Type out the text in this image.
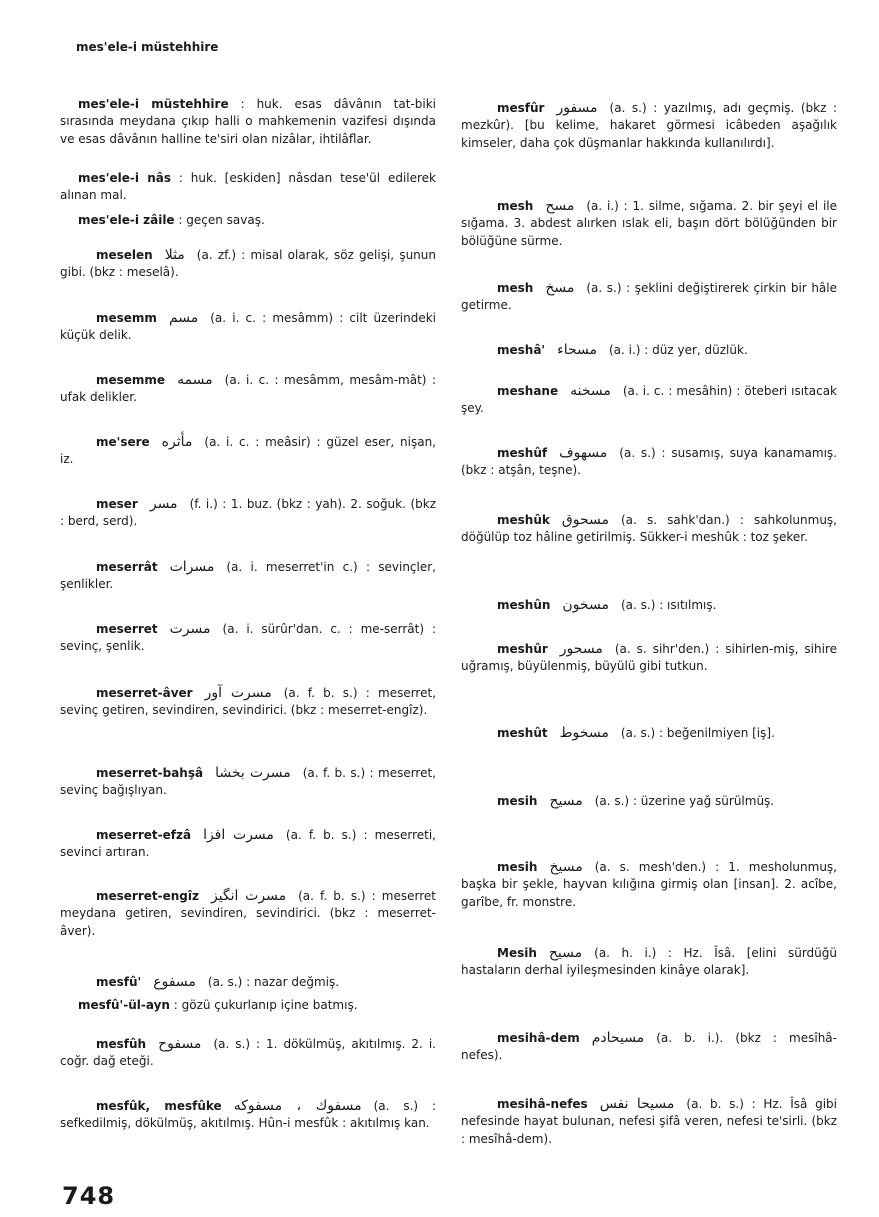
mes'ele-i müstehhire
mes'ele-i müstehhire : huk. esas dâvânın tat-biki sırasında meydana çıkıp halli o mahkemenin vazifesi dışında ve esas dâvânın halline te'siri olan nizâlar, ihtilâflar.
mes'ele-i nâs : huk. [eskiden] nâsdan tese'ül edilerek alınan mal.
mes'ele-i zâile : geçen savaş.
meselen مثلا (a. zf.) : misal olarak, söz gelişi, şunun gibi. (bkz : meselâ).
mesemm مسم (a. i. c. : mesâmm) : cilt üzerindeki küçük delik.
mesemme مسمه (a. i. c. : mesâmm, mesâm-mât) : ufak delikler.
me'sere مأثره (a. i. c. : meâsir) : güzel eser, nişan, iz.
meser مسر (f. i.) : 1. buz. (bkz : yah). 2. soğuk. (bkz : berd, serd).
meserrât مسرات (a. i. meserret'in c.) : sevinçler, şenlikler.
meserret مسرت (a. i. sürûr'dan. c. : me-serrât) : sevinç, şenlik.
meserret-âver مسرت آور (a. f. b. s.) : meserret, sevinç getiren, sevindiren, sevindirici. (bkz : meserret-engîz).
meserret-bahşâ مسرت بخشا (a. f. b. s.) : meserret, sevinç bağışlıyan.
meserret-efzâ مسرت افزا (a. f. b. s.) : meserreti, sevinci artıran.
meserret-engîz مسرت انگیز (a. f. b. s.) : meserret meydana getiren, sevindiren, sevindirici. (bkz : meserret-âver).
mesfû' مسفوع (a. s.) : nazar değmiş.
mesfû'-ül-ayn : gözü çukurlanıp içine batmış.
mesfûh مسفوح (a. s.) : 1. dökülmüş, akıtılmış. 2. i. coğr. dağ eteği.
mesfûk, mesfûke مسفوك ، مسفوكه (a. s.) : sefkedilmiş, dökülmüş, akıtılmış. Hûn-i mesfûk : akıtılmış kan.
mesfûr مسفور (a. s.) : yazılmış, adı geçmiş. (bkz : mezkûr). [bu kelime, hakaret görmesi icâbeden aşağılık kimseler, daha çok düşmanlar hakkında kullanılırdı].
mesh مسح (a. i.) : 1. silme, sığama. 2. bir şeyi el ile sığama. 3. abdest alırken ıslak eli, başın dört bölüğünden bir bölüğüne sürme.
mesh مسخ (a. s.) : şeklini değiştirerek çirkin bir hâle getirme.
meshâ' مسحاء (a. i.) : düz yer, düzlük.
meshane مسخنه (a. i. c. : mesâhin) : öteberi ısıtacak şey.
meshûf مسهوف (a. s.) : susamış, suya kanamamış. (bkz : atşân, teşne).
meshûk مسحوق (a. s. sahk'dan.) : sahkolunmuş, döğülüp toz hâline getirilmiş. Sükker-i meshûk : toz şeker.
meshûn مسخون (a. s.) : ısıtılmış.
meshûr مسحور (a. s. sihr'den.) : sihirlen-miş, sihire uğramış, büyülenmiş, büyülü gibi tutkun.
meshût مسخوط (a. s.) : beğenilmiyen [iş].
mesih مسيح (a. s.) : üzerine yağ sürülmüş.
mesih مسيخ (a. s. mesh'den.) : 1. mesholunmuş, başka bir şekle, hayvan kılığına girmiş olan [insan]. 2. acîbe, garîbe, fr. monstre.
Mesih مسيح (a. h. i.) : Hz. Îsâ. [elini sürdüğü hastaların derhal iyileşmesinden kinâye olarak].
mesihâ-dem مسيحادم (a. b. i.). (bkz : mesîhâ-nefes).
mesihâ-nefes مسيحا نفس (a. b. s.) : Hz. Îsâ gibi nefesinde hayat bulunan, nefesi şifâ veren, nefesi te'sirli. (bkz : mesîhâ-dem).
748
